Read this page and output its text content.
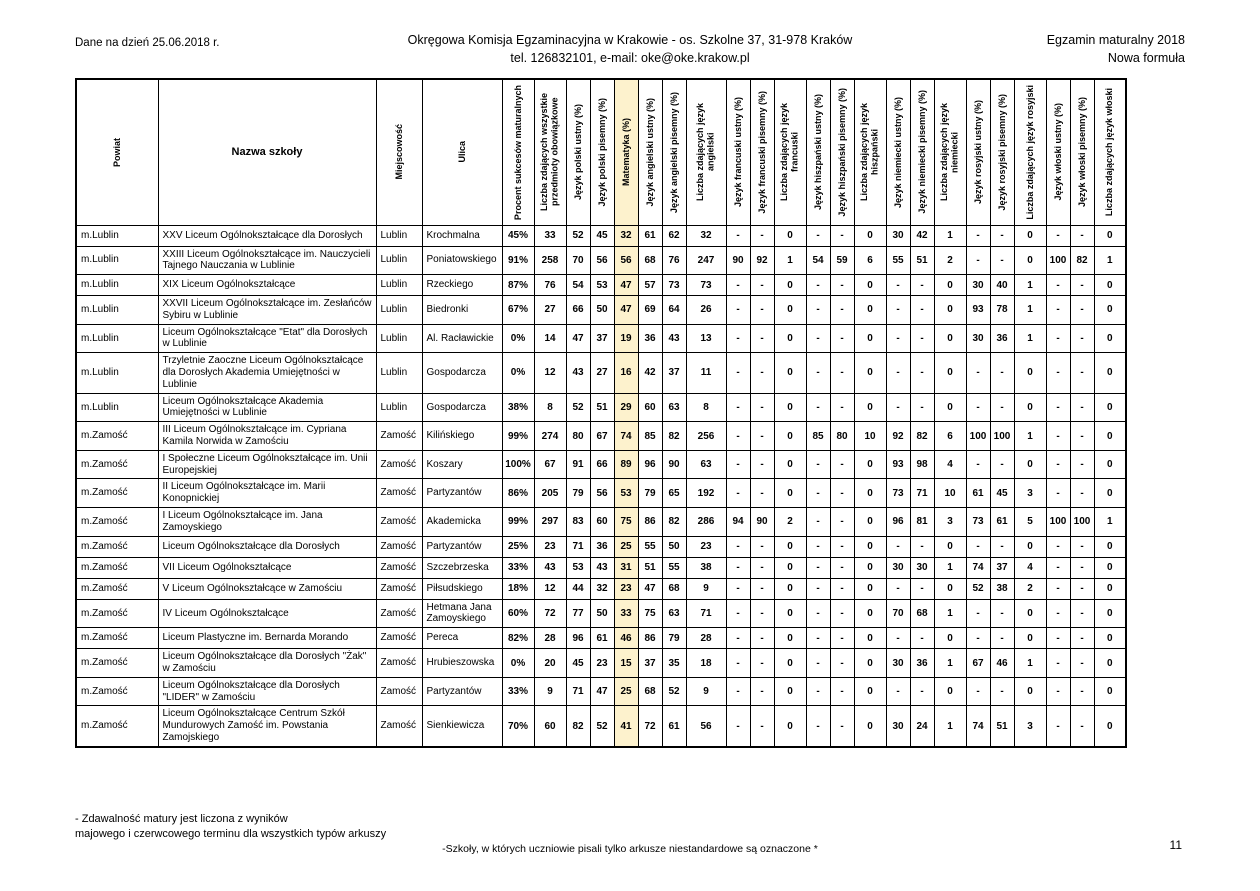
Dane na dzień 25.06.2018 r.	Okręgowa Komisja Egzaminacyjna w Krakowie - os. Szkolne 37, 31-978 Kraków
tel. 126832101, e-mail: oke@oke.krakow.pl
Egzamin maturalny 2018
Nowa formuła
Powiat	Nazwa szkoły	Miejscowość	Ulica	Procent sukcesów maturalnych	Liczba zdających wszystkie przedmioty obowiązkowe	Język polski ustny (%)	Język polski pisemny (%)	Matematyka (%)	Język angielski ustny (%)	Język angielski pisemny (%)	Liczba zdających język angielski	Język francuski ustny (%)	Język francuski pisemny (%)	Liczba zdających język francuski	Język hiszpański ustny (%)	Język hiszpański pisemny (%)	Liczba zdających język hiszpański	Język niemiecki ustny (%)	Język niemiecki pisemny (%)	Liczba zdających język niemiecki	Język rosyjski ustny (%)	Język rosyjski pisemny (%)	Liczba zdających język rosyjski	Język włoski ustny (%)	Język włoski pisemny (%)	Liczba zdających język włoski

m.Lublin	XXV Liceum Ogólnokształcące dla Dorosłych	Lublin	Krochmalna	45%	33	52	45	32	61	62	32	-	-	0	-	-	0	30	42	1	-	-	0	-	-	0
m.Lublin	XXIII Liceum Ogólnokształcące im. Nauczycieli Tajnego Nauczania w Lublinie	Lublin	Poniatowskiego	91%	258	70	56	56	68	76	247	90	92	1	54	59	6	55	51	2	-	-	0	100	82	1
m.Lublin	XIX Liceum Ogólnokształcące	Lublin	Rzeckiego	87%	76	54	53	47	57	73	73	-	-	0	-	-	0	-	-	0	30	40	1	-	-	0
m.Lublin	XXVII Liceum Ogólnokształcące im. Zesłańców Sybiru w Lublinie	Lublin	Biedronki	67%	27	66	50	47	69	64	26	-	-	0	-	-	0	-	-	0	93	78	1	-	-	0
m.Lublin	Liceum Ogólnokształcące "Etat" dla Dorosłych w Lublinie	Lublin	Al. Racławickie	0%	14	47	37	19	36	43	13	-	-	0	-	-	0	-	-	0	30	36	1	-	-	0
m.Lublin	Trzyletnie Zaoczne Liceum Ogólnokształcące dla Dorosłych Akademia Umiejętności w Lublinie	Lublin	Gospodarcza	0%	12	43	27	16	42	37	11	-	-	0	-	-	0	-	-	0	-	-	0	-	-	0
m.Lublin	Liceum Ogólnokształcące Akademia Umiejętności w Lublinie	Lublin	Gospodarcza	38%	8	52	51	29	60	63	8	-	-	0	-	-	0	-	-	0	-	-	0	-	-	0
m.Zamość	III Liceum Ogólnokształcące im. Cypriana Kamila Norwida w Zamościu	Zamość	Kilińskiego	99%	274	80	67	74	85	82	256	-	-	0	85	80	10	92	82	6	100	100	1	-	-	0
m.Zamość	I Społeczne Liceum Ogólnokształcące im. Unii Europejskiej	Zamość	Koszary	100%	67	91	66	89	96	90	63	-	-	0	-	-	0	93	98	4	-	-	0	-	-	0
m.Zamość	II Liceum Ogólnokształcące im. Marii Konopnickiej	Zamość	Partyzantów	86%	205	79	56	53	79	65	192	-	-	0	-	-	0	73	71	10	61	45	3	-	-	0
m.Zamość	I Liceum Ogólnokształcące im. Jana Zamoyskiego	Zamość	Akademicka	99%	297	83	60	75	86	82	286	94	90	2	-	-	0	96	81	3	73	61	5	100	100	1
m.Zamość	Liceum Ogólnokształcące dla Dorosłych	Zamość	Partyzantów	25%	23	71	36	25	55	50	23	-	-	0	-	-	0	-	-	0	-	-	0	-	-	0
m.Zamość	VII Liceum Ogólnokształcące	Zamość	Szczebrzeska	33%	43	53	43	31	51	55	38	-	-	0	-	-	0	30	30	1	74	37	4	-	-	0
m.Zamość	V Liceum Ogólnokształcące w Zamościu	Zamość	Piłsudskiego	18%	12	44	32	23	47	68	9	-	-	0	-	-	0	-	-	0	52	38	2	-	-	0
m.Zamość	IV Liceum Ogólnokształcące	Zamość	Hetmana Jana Zamoyskiego	60%	72	77	50	33	75	63	71	-	-	0	-	-	0	70	68	1	-	-	0	-	-	0
m.Zamość	Liceum Plastyczne im. Bernarda Morando	Zamość	Pereca	82%	28	96	61	46	86	79	28	-	-	0	-	-	0	-	-	0	-	-	0	-	-	0
m.Zamość	Liceum Ogólnokształcące dla Dorosłych "Żak" w Zamościu	Zamość	Hrubieszowska	0%	20	45	23	15	37	35	18	-	-	0	-	-	0	30	36	1	67	46	1	-	-	0
m.Zamość	Liceum Ogólnokształcące dla Dorosłych "LIDER" w Zamościu	Zamość	Partyzantów	33%	9	71	47	25	68	52	9	-	-	0	-	-	0	-	-	0	-	-	0	-	-	0
m.Zamość	Liceum Ogólnokształcące Centrum Szkół Mundurowych Zamość im. Powstania Zamojskiego	Zamość	Sienkiewicza	70%	60	82	52	41	72	61	56	-	-	0	-	-	0	30	24	1	74	51	3	-	-	0
- Zdawalność matury jest liczona z wyników
majowego i czerwcowego terminu dla wszystkich typów arkuszy
-Szkoły, w których uczniowie pisali tylko arkusze niestandardowe są oznaczone *	11
